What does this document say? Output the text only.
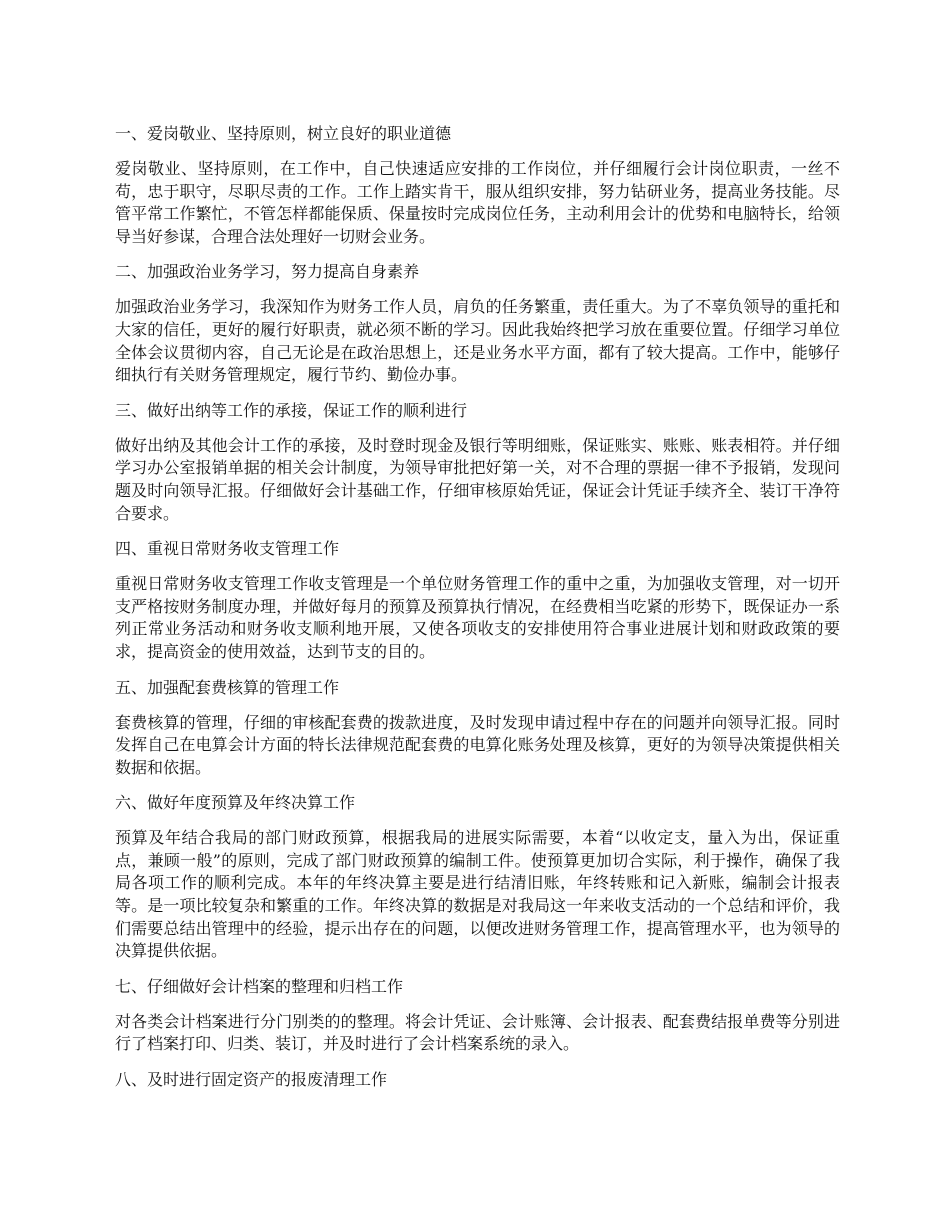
一、爱岗敬业、坚持原则，树立良好的职业道德

爱岗敬业、坚持原则，在工作中，自己快速适应安排的工作岗位，并仔细履行会计岗位职责，一丝不苟，忠于职守，尽职尽责的工作。工作上踏实肯干，服从组织安排，努力钻研业务，提高业务技能。尽管平常工作繁忙，不管怎样都能保质、保量按时完成岗位任务，主动利用会计的优势和电脑特长，给领导当好参谋，合理合法处理好一切财会业务。

二、加强政治业务学习，努力提高自身素养

加强政治业务学习，我深知作为财务工作人员，肩负的任务繁重，责任重大。为了不辜负领导的重托和大家的信任，更好的履行好职责，就必须不断的学习。因此我始终把学习放在重要位置。仔细学习单位全体会议贯彻内容，自己无论是在政治思想上，还是业务水平方面，都有了较大提高。工作中，能够仔细执行有关财务管理规定，履行节约、勤俭办事。

三、做好出纳等工作的承接，保证工作的顺利进行

做好出纳及其他会计工作的承接，及时登时现金及银行等明细账，保证账实、账账、账表相符。并仔细学习办公室报销单据的相关会计制度，为领导审批把好第一关，对不合理的票据一律不予报销，发现问题及时向领导汇报。仔细做好会计基础工作，仔细审核原始凭证，保证会计凭证手续齐全、装订干净符合要求。

四、重视日常财务收支管理工作

重视日常财务收支管理工作收支管理是一个单位财务管理工作的重中之重，为加强收支管理，对一切开支严格按财务制度办理，并做好每月的预算及预算执行情况，在经费相当吃紧的形势下，既保证办一系列正常业务活动和财务收支顺利地开展，又使各项收支的安排使用符合事业进展计划和财政政策的要求，提高资金的使用效益，达到节支的目的。

五、加强配套费核算的管理工作

套费核算的管理，仔细的审核配套费的拨款进度，及时发现申请过程中存在的问题并向领导汇报。同时发挥自己在电算会计方面的特长法律规范配套费的电算化账务处理及核算，更好的为领导决策提供相关数据和依据。

六、做好年度预算及年终决算工作

预算及年结合我局的部门财政预算，根据我局的进展实际需要，本着“以收定支，量入为出，保证重点，兼顾一般”的原则，完成了部门财政预算的编制工件。使预算更加切合实际，利于操作，确保了我局各项工作的顺利完成。本年的年终决算主要是进行结清旧账，年终转账和记入新账，编制会计报表等。是一项比较复杂和繁重的工作。年终决算的数据是对我局这一年来收支活动的一个总结和评价，我们需要总结出管理中的经验，提示出存在的问题，以便改进财务管理工作，提高管理水平，也为领导的决算提供依据。

七、仔细做好会计档案的整理和归档工作

对各类会计档案进行分门别类的的整理。将会计凭证、会计账簿、会计报表、配套费结报单费等分别进行了档案打印、归类、装订，并及时进行了会计档案系统的录入。

八、及时进行固定资产的报废清理工作
